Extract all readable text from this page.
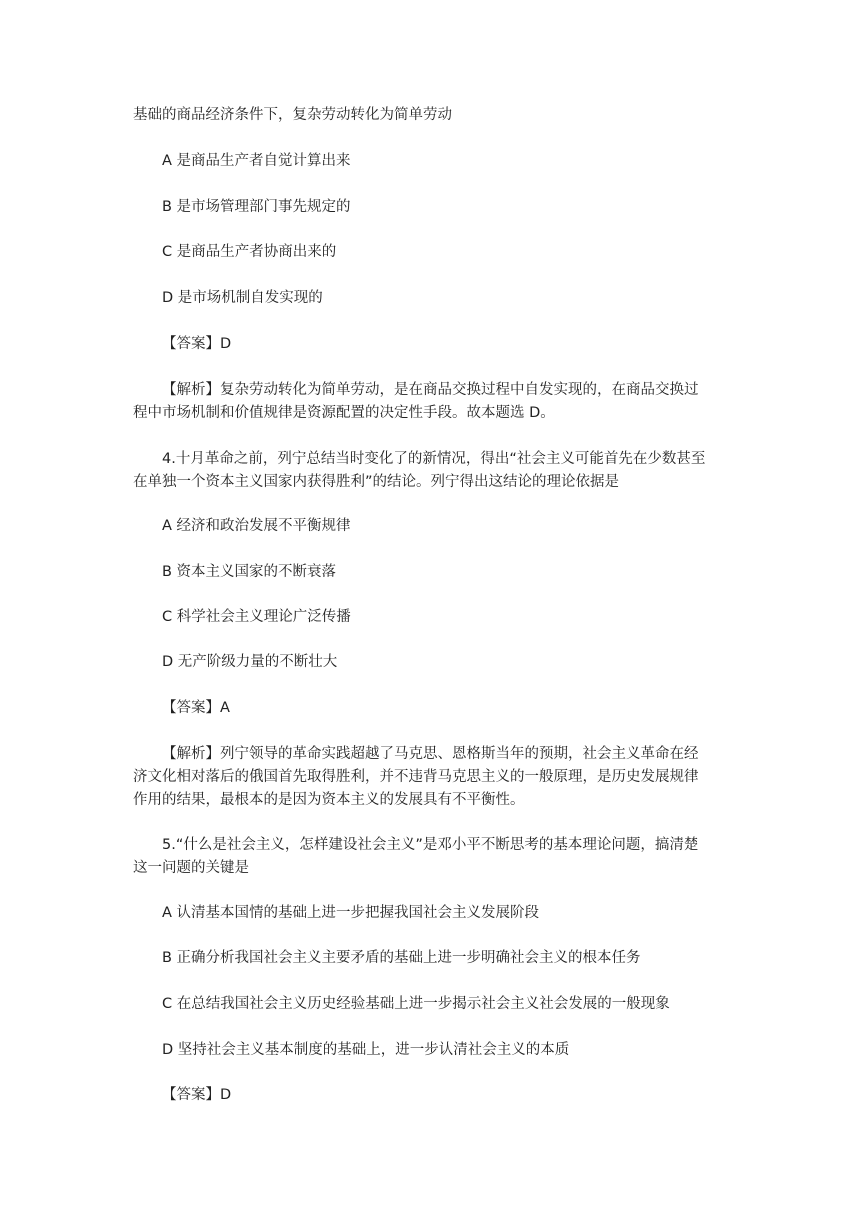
基础的商品经济条件下，复杂劳动转化为简单劳动
A 是商品生产者自觉计算出来
B 是市场管理部门事先规定的
C 是商品生产者协商出来的
D 是市场机制自发实现的
【答案】D
【解析】复杂劳动转化为简单劳动，是在商品交换过程中自发实现的，在商品交换过
程中市场机制和价值规律是资源配置的决定性手段。故本题选 D。
4.十月革命之前，列宁总结当时变化了的新情况，得出“社会主义可能首先在少数甚至
在单独一个资本主义国家内获得胜利”的结论。列宁得出这结论的理论依据是
A 经济和政治发展不平衡规律
B 资本主义国家的不断衰落
C 科学社会主义理论广泛传播
D 无产阶级力量的不断壮大
【答案】A
【解析】列宁领导的革命实践超越了马克思、恩格斯当年的预期，社会主义革命在经
济文化相对落后的俄国首先取得胜利，并不违背马克思主义的一般原理，是历史发展规律
作用的结果，最根本的是因为资本主义的发展具有不平衡性。
5.“什么是社会主义，怎样建设社会主义”是邓小平不断思考的基本理论问题，搞清楚
这一问题的关键是
A 认清基本国情的基础上进一步把握我国社会主义发展阶段
B 正确分析我国社会主义主要矛盾的基础上进一步明确社会主义的根本任务
C 在总结我国社会主义历史经验基础上进一步揭示社会主义社会发展的一般现象
D 坚持社会主义基本制度的基础上，进一步认清社会主义的本质
【答案】D
